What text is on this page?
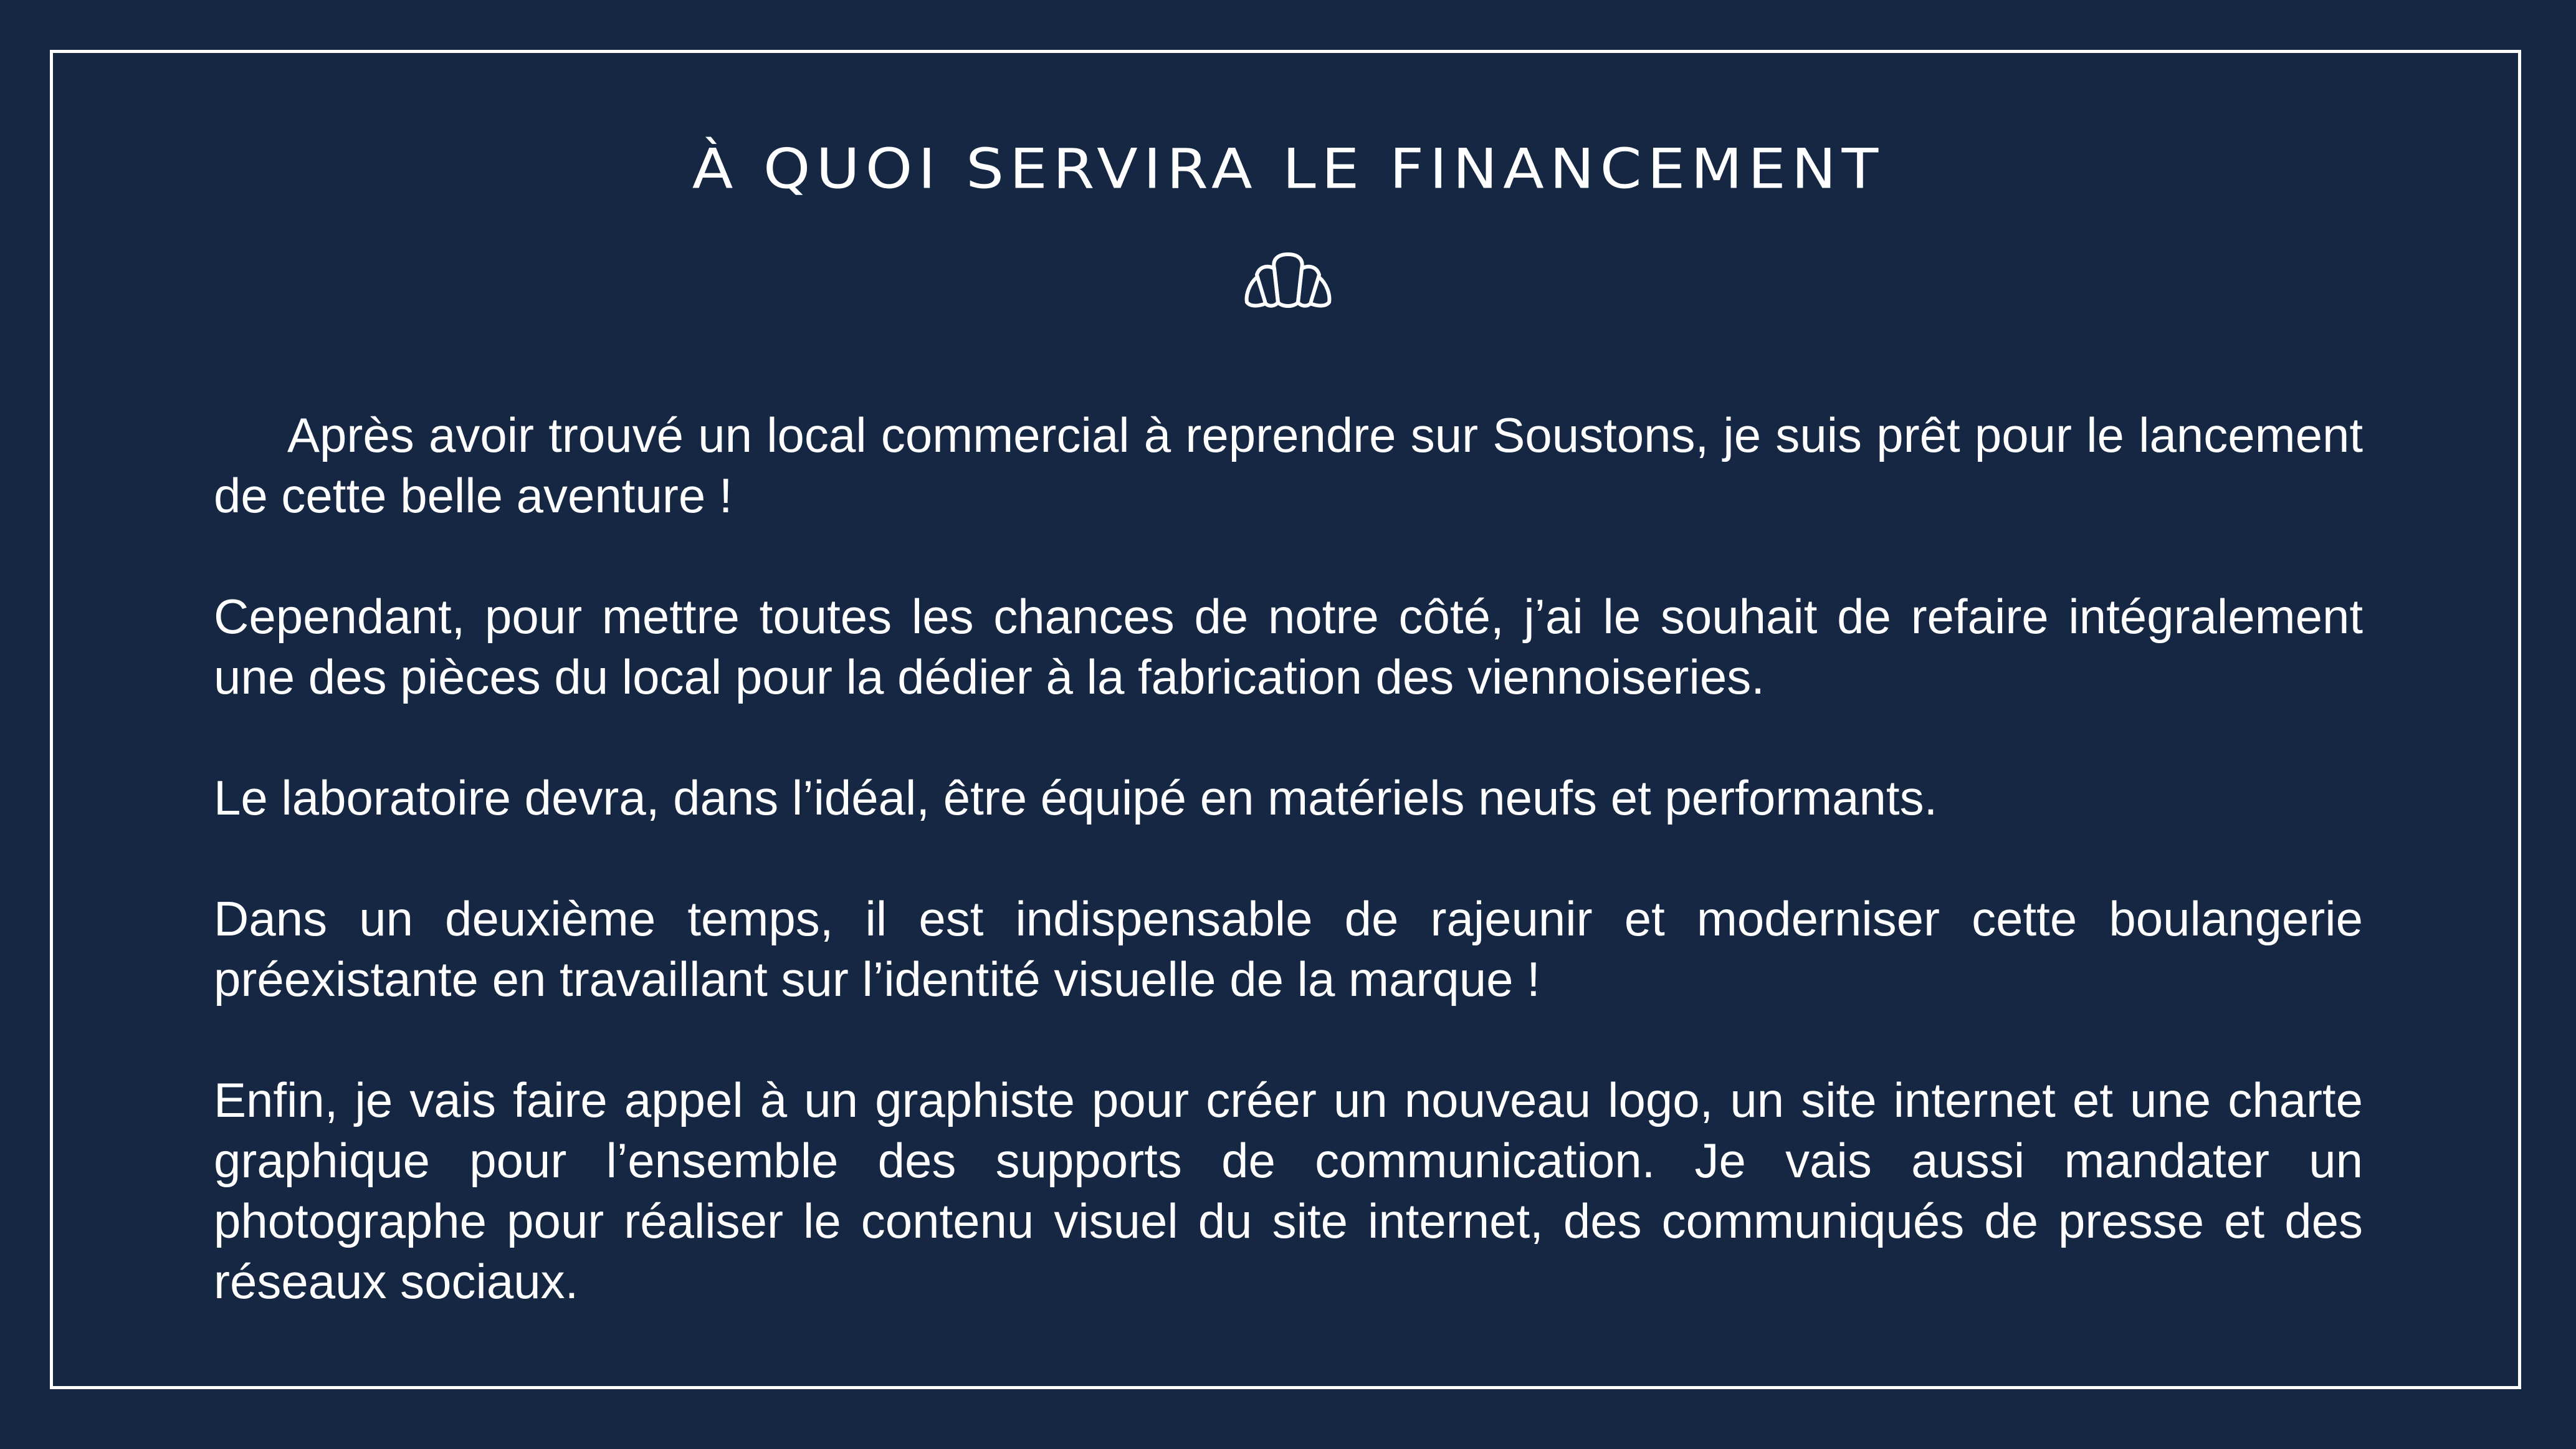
À QUOI SERVIRA LE FINANCEMENT

Après avoir trouvé un local commercial à reprendre sur Soustons, je suis prêt pour le lancement de cette belle aventure !

Cependant, pour mettre toutes les chances de notre côté, j’ai le souhait de refaire intégralement une des pièces du local pour la dédier à la fabrication des viennoiseries.

Le laboratoire devra, dans l’idéal, être équipé en matériels neufs et performants.

Dans un deuxième temps, il est indispensable de rajeunir et moderniser cette boulangerie préexistante en travaillant sur l’identité visuelle de la marque !

Enfin, je vais faire appel à un graphiste pour créer un nouveau logo, un site internet et une charte graphique pour l’ensemble des supports de communication. Je vais aussi mandater un photographe pour réaliser le contenu visuel du site internet, des communiqués de presse et des réseaux sociaux.
